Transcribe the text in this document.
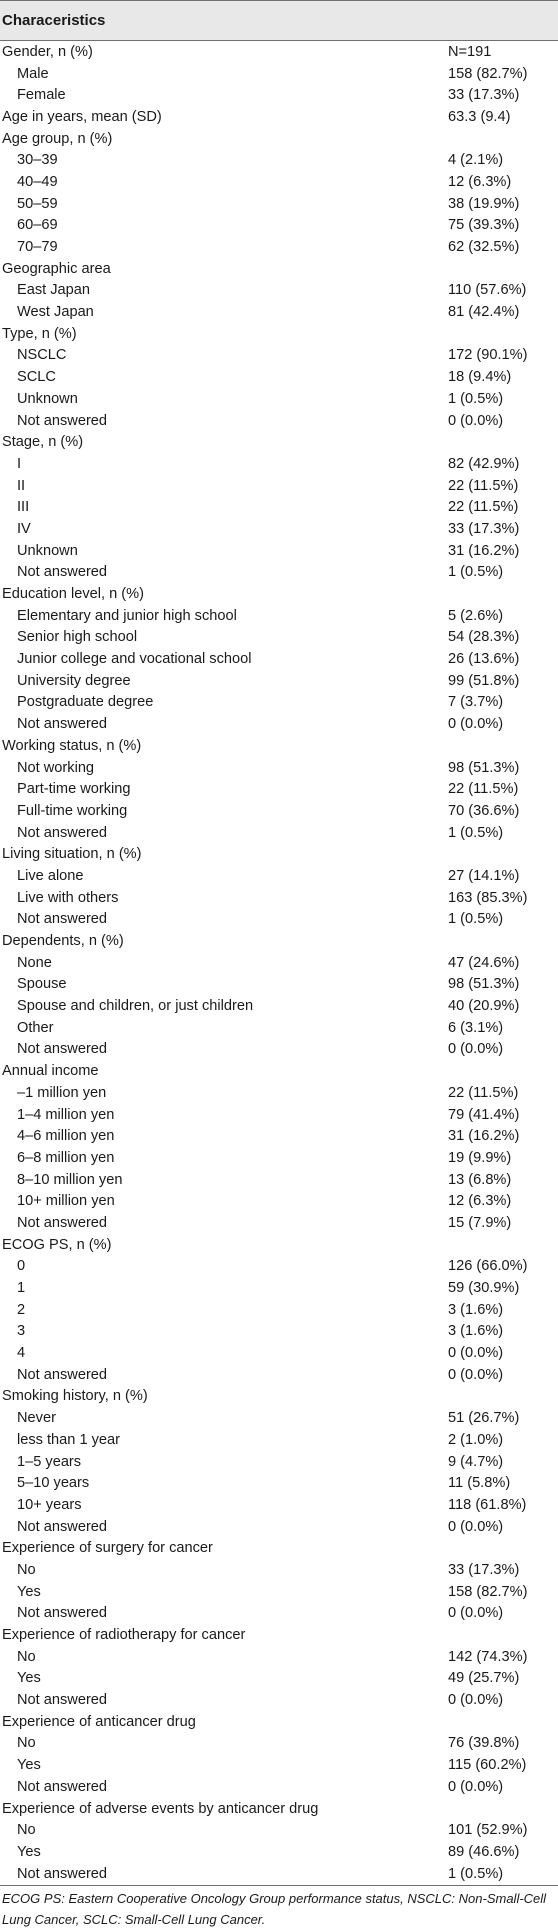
Characeristics
Gender, n (%)	N=191
Male	158 (82.7%)
Female	33 (17.3%)
Age in years, mean (SD)	63.3 (9.4)
Age group, n (%)
30–39	4 (2.1%)
40–49	12 (6.3%)
50–59	38 (19.9%)
60–69	75 (39.3%)
70–79	62 (32.5%)
Geographic area
East Japan	110 (57.6%)
West Japan	81 (42.4%)
Type, n (%)
NSCLC	172 (90.1%)
SCLC	18 (9.4%)
Unknown	1 (0.5%)
Not answered	0 (0.0%)
Stage, n (%)
I	82 (42.9%)
II	22 (11.5%)
III	22 (11.5%)
IV	33 (17.3%)
Unknown	31 (16.2%)
Not answered	1 (0.5%)
Education level, n (%)
Elementary and junior high school	5 (2.6%)
Senior high school	54 (28.3%)
Junior college and vocational school	26 (13.6%)
University degree	99 (51.8%)
Postgraduate degree	7 (3.7%)
Not answered	0 (0.0%)
Working status, n (%)
Not working	98 (51.3%)
Part-time working	22 (11.5%)
Full-time working	70 (36.6%)
Not answered	1 (0.5%)
Living situation, n (%)
Live alone	27 (14.1%)
Live with others	163 (85.3%)
Not answered	1 (0.5%)
Dependents, n (%)
None	47 (24.6%)
Spouse	98 (51.3%)
Spouse and children, or just children	40 (20.9%)
Other	6 (3.1%)
Not answered	0 (0.0%)
Annual income
–1 million yen	22 (11.5%)
1–4 million yen	79 (41.4%)
4–6 million yen	31 (16.2%)
6–8 million yen	19 (9.9%)
8–10 million yen	13 (6.8%)
10+ million yen	12 (6.3%)
Not answered	15 (7.9%)
ECOG PS, n (%)
0	126 (66.0%)
1	59 (30.9%)
2	3 (1.6%)
3	3 (1.6%)
4	0 (0.0%)
Not answered	0 (0.0%)
Smoking history, n (%)
Never	51 (26.7%)
less than 1 year	2 (1.0%)
1–5 years	9 (4.7%)
5–10 years	11 (5.8%)
10+ years	118 (61.8%)
Not answered	0 (0.0%)
Experience of surgery for cancer
No	33 (17.3%)
Yes	158 (82.7%)
Not answered	0 (0.0%)
Experience of radiotherapy for cancer
No	142 (74.3%)
Yes	49 (25.7%)
Not answered	0 (0.0%)
Experience of anticancer drug
No	76 (39.8%)
Yes	115 (60.2%)
Not answered	0 (0.0%)
Experience of adverse events by anticancer drug
No	101 (52.9%)
Yes	89 (46.6%)
Not answered	1 (0.5%)
ECOG PS: Eastern Cooperative Oncology Group performance status, NSCLC: Non-Small-Cell Lung Cancer, SCLC: Small-Cell Lung Cancer.
